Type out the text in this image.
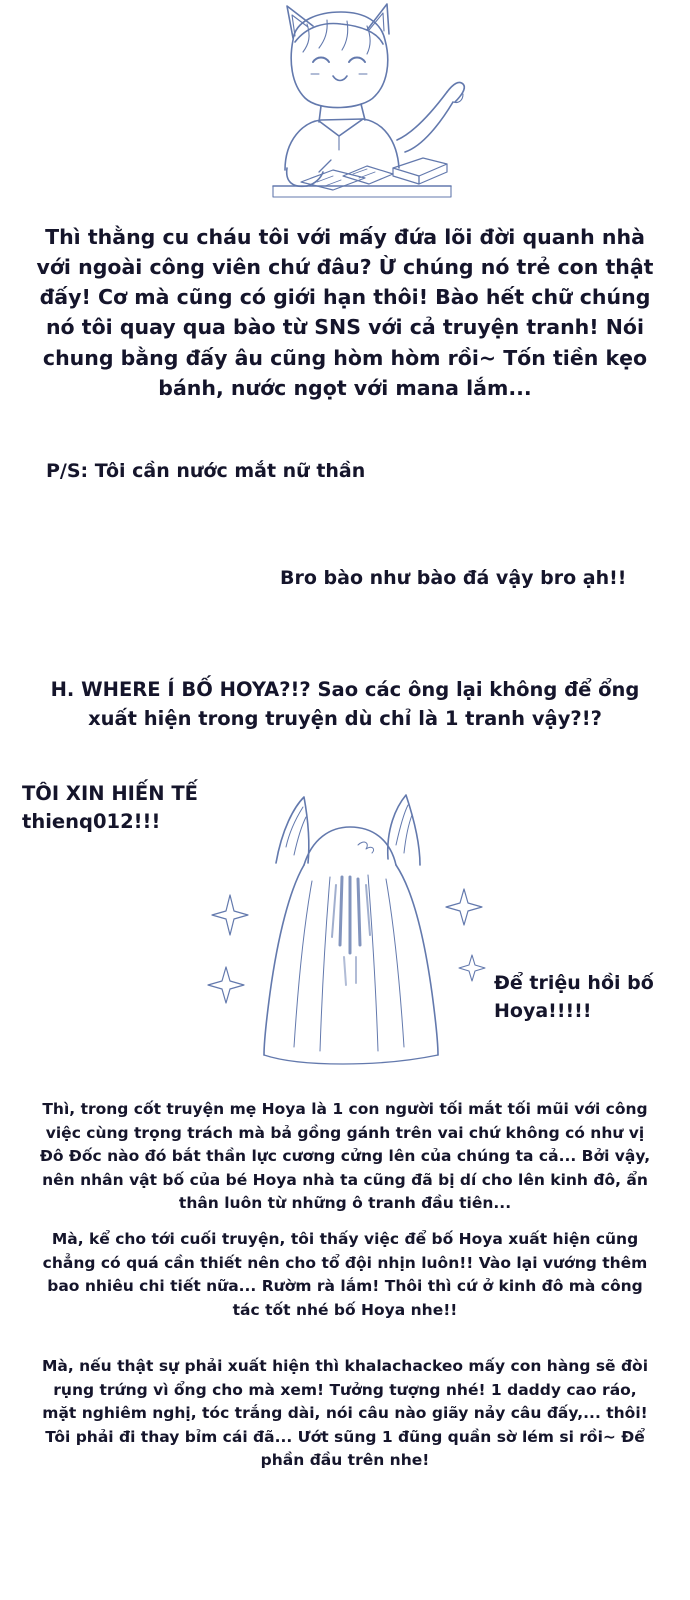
Thì thằng cu cháu tôi với mấy đứa lõi đời quanh nhà với ngoài công viên chứ đâu? Ừ chúng nó trẻ con thật đấy! Cơ mà cũng có giới hạn thôi! Bào hết chữ chúng nó tôi quay qua bào từ SNS với cả truyện tranh! Nói chung bằng đấy âu cũng hòm hòm rồi~ Tốn tiền kẹo bánh, nước ngọt với mana lắm...
P/S: Tôi cần nước mắt nữ thần
Bro bào như bào đá vậy bro ạh!!
H. WHERE Í BỐ HOYA?!? Sao các ông lại không để ổng xuất hiện trong truyện dù chỉ là 1 tranh vậy?!?
TÔI XIN HIẾN TẾ thienq012!!!
Để triệu hồi bố Hoya!!!!!
Thì, trong cốt truyện mẹ Hoya là 1 con người tối mắt tối mũi với công việc cùng trọng trách mà bả gồng gánh trên vai chứ không có như vị Đô Đốc nào đó bắt thần lực cương cửng lên của chúng ta cả... Bởi vậy, nên nhân vật bố của bé Hoya nhà ta cũng đã bị dí cho lên kinh đô, ẩn thân luôn từ những ô tranh đầu tiên...
Mà, kể cho tới cuối truyện, tôi thấy việc để bố Hoya xuất hiện cũng chẳng có quá cần thiết nên cho tổ đội nhịn luôn!! Vào lại vướng thêm bao nhiêu chi tiết nữa... Rườm rà lắm! Thôi thì cứ ở kinh đô mà công tác tốt nhé bố Hoya nhe!!
Mà, nếu thật sự phải xuất hiện thì khalachackeo mấy con hàng sẽ đòi rụng trứng vì ổng cho mà xem! Tưởng tượng nhé! 1 daddy cao ráo, mặt nghiêm nghị, tóc trắng dài, nói câu nào giãy nảy câu đấy,... thôi! Tôi phải đi thay bỉm cái đã... Ướt sũng 1 đũng quần sờ lém si rồi~ Để phần đầu trên nhe!
